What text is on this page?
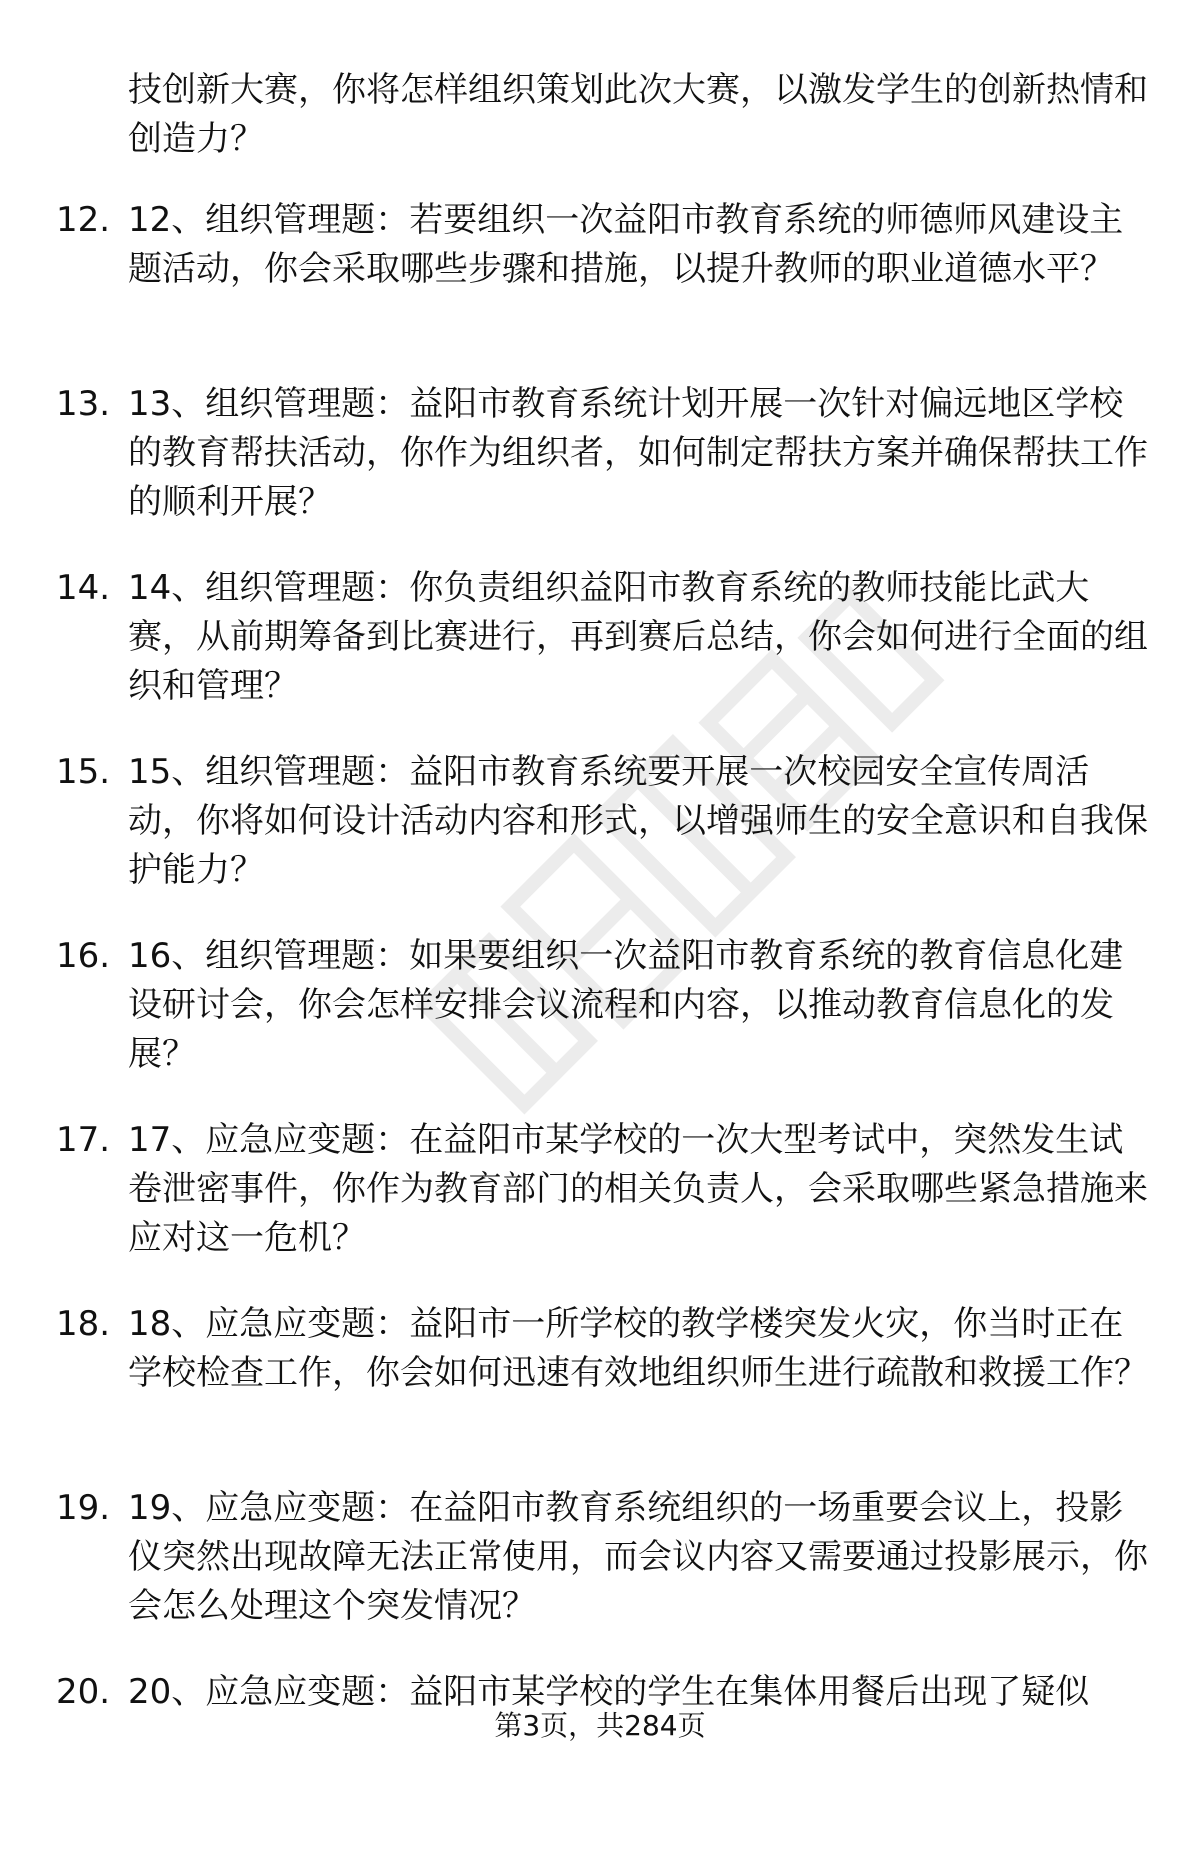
技创新大赛，你将怎样组织策划此次大赛，以激发学生的创新热情和创造力？
12. 12、组织管理题：若要组织一次益阳市教育系统的师德师风建设主题活动，你会采取哪些步骤和措施，以提升教师的职业道德水平？
13. 13、组织管理题：益阳市教育系统计划开展一次针对偏远地区学校的教育帮扶活动，你作为组织者，如何制定帮扶方案并确保帮扶工作的顺利开展？
14. 14、组织管理题：你负责组织益阳市教育系统的教师技能比武大赛，从前期筹备到比赛进行，再到赛后总结，你会如何进行全面的组织和管理？
15. 15、组织管理题：益阳市教育系统要开展一次校园安全宣传周活动，你将如何设计活动内容和形式，以增强师生的安全意识和自我保护能力？
16. 16、组织管理题：如果要组织一次益阳市教育系统的教育信息化建设研讨会，你会怎样安排会议流程和内容，以推动教育信息化的发展？
17. 17、应急应变题：在益阳市某学校的一次大型考试中，突然发生试卷泄密事件，你作为教育部门的相关负责人，会采取哪些紧急措施来应对这一危机？
18. 18、应急应变题：益阳市一所学校的教学楼突发火灾，你当时正在学校检查工作，你会如何迅速有效地组织师生进行疏散和救援工作？
19. 19、应急应变题：在益阳市教育系统组织的一场重要会议上，投影仪突然出现故障无法正常使用，而会议内容又需要通过投影展示，你会怎么处理这个突发情况？
20. 20、应急应变题：益阳市某学校的学生在集体用餐后出现了疑似
第3页，共284页
